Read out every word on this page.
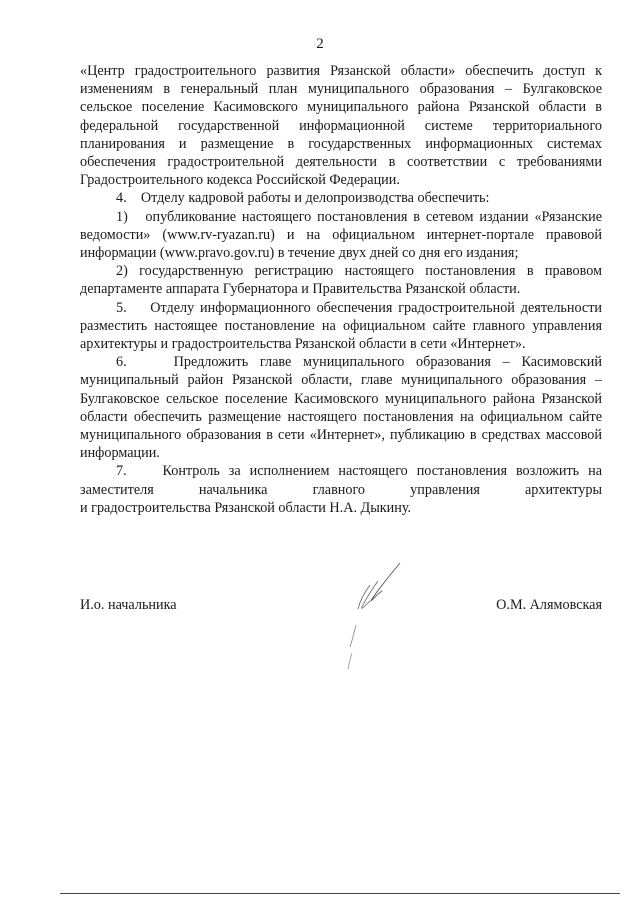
2

«Центр градостроительного развития Рязанской области» обеспечить доступ к изменениям в генеральный план муниципального образования – Булгаковское сельское поселение Касимовского муниципального района Рязанской области в федеральной государственной информационной системе территориального планирования и размещение в государственных информационных системах обеспечения градостроительной деятельности в соответствии с требованиями Градостроительного кодекса Российской Федерации.

4.    Отделу кадровой работы и делопроизводства обеспечить:

1)   опубликование настоящего постановления в сетевом издании «Рязанские ведомости» (www.rv-ryazan.ru) и на официальном интернет-портале правовой информации (www.pravo.gov.ru) в течение двух дней со дня его издания;

2) государственную регистрацию настоящего постановления в правовом департаменте аппарата Губернатора и Правительства Рязанской области.

5.    Отделу информационного обеспечения градостроительной деятельности разместить настоящее постановление на официальном сайте главного управления архитектуры и градостроительства Рязанской области в сети «Интернет».

6.    Предложить главе муниципального образования – Касимовский муниципальный район Рязанской области, главе муниципального образования – Булгаковское сельское поселение Касимовского муниципального района Рязанской области обеспечить размещение настоящего постановления на официальном сайте муниципального образования в сети «Интернет», публикацию в средствах массовой информации.

7.    Контроль за исполнением настоящего постановления возложить на заместителя начальника главного управления архитектуры

и градостроительства Рязанской области Н.А. Дыкину.

И.о. начальника	О.М. Алямовская
